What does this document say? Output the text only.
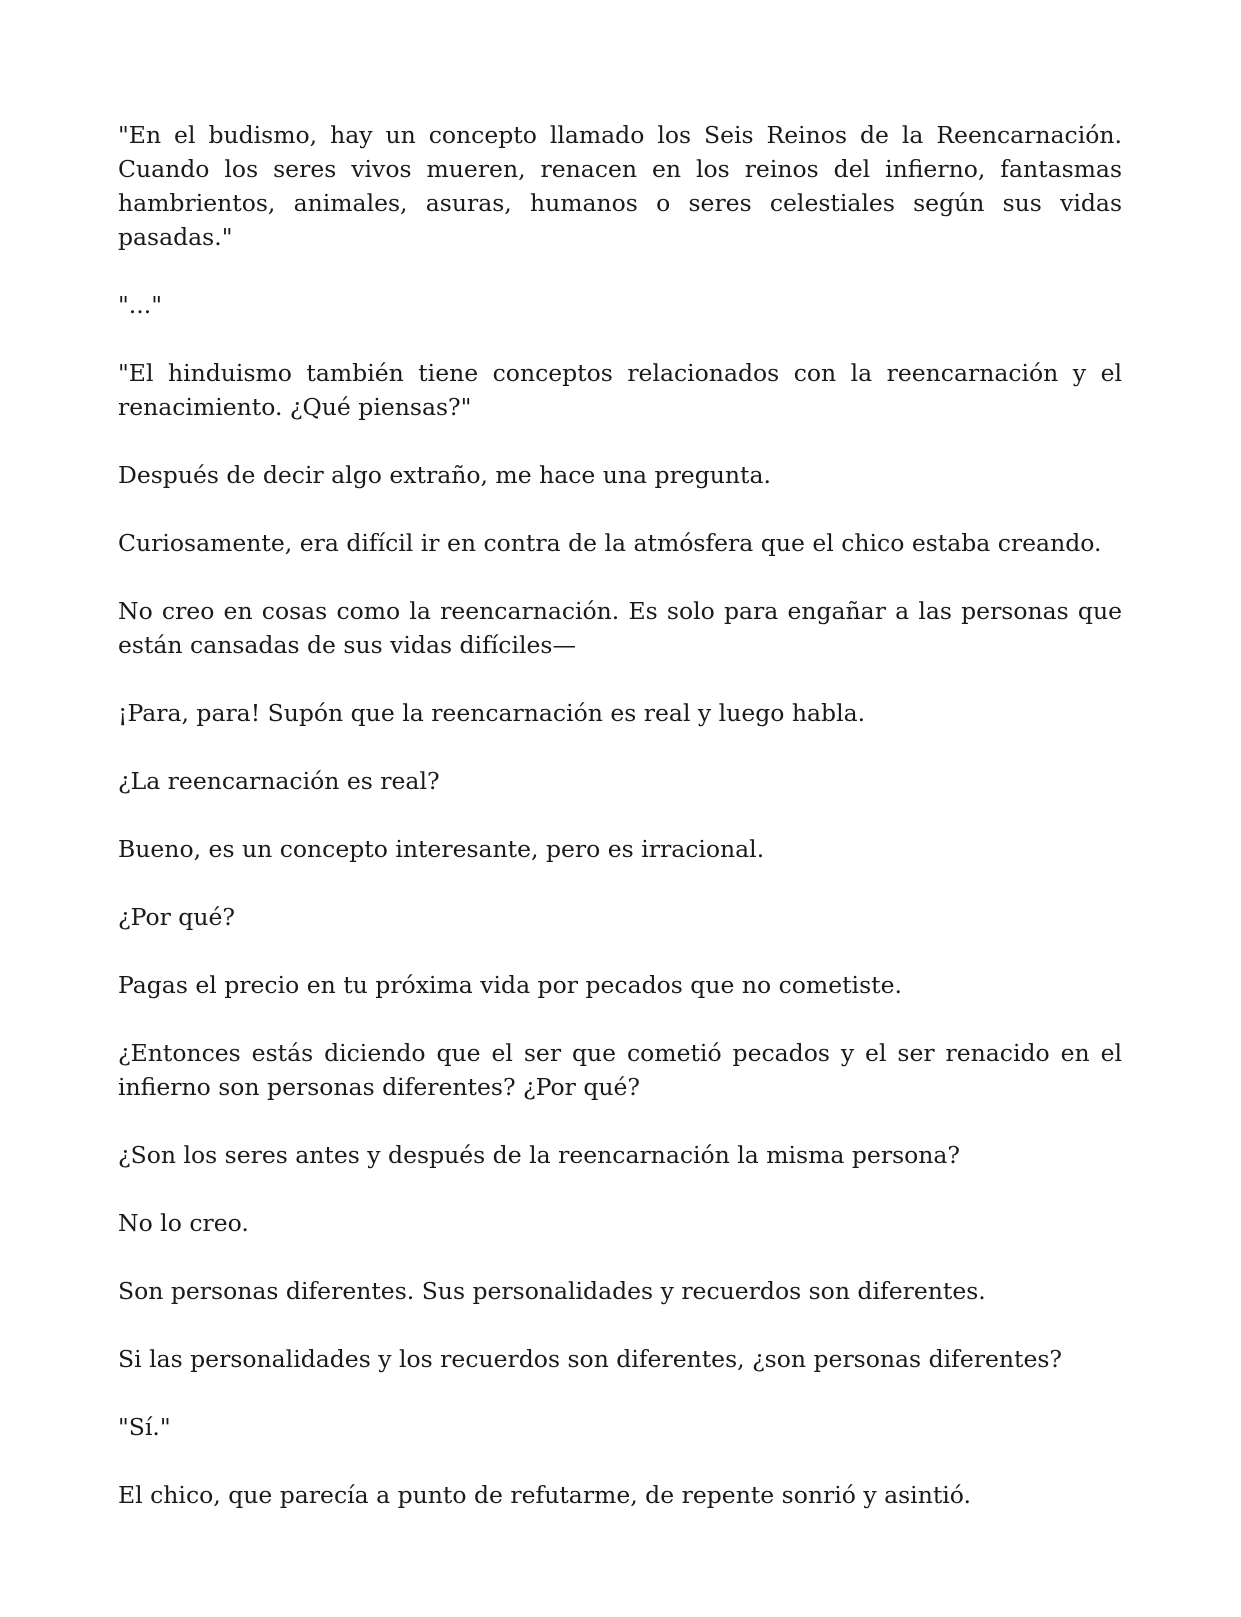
"En el budismo, hay un concepto llamado los Seis Reinos de la Reencarnación. Cuando los seres vivos mueren, renacen en los reinos del infierno, fantasmas hambrientos, animales, asuras, humanos o seres celestiales según sus vidas pasadas."

"..."

"El hinduismo también tiene conceptos relacionados con la reencarnación y el renacimiento. ¿Qué piensas?"

Después de decir algo extraño, me hace una pregunta.

Curiosamente, era difícil ir en contra de la atmósfera que el chico estaba creando.

No creo en cosas como la reencarnación. Es solo para engañar a las personas que están cansadas de sus vidas difíciles—

¡Para, para! Supón que la reencarnación es real y luego habla.

¿La reencarnación es real?

Bueno, es un concepto interesante, pero es irracional.

¿Por qué?

Pagas el precio en tu próxima vida por pecados que no cometiste.

¿Entonces estás diciendo que el ser que cometió pecados y el ser renacido en el infierno son personas diferentes? ¿Por qué?

¿Son los seres antes y después de la reencarnación la misma persona?

No lo creo.

Son personas diferentes. Sus personalidades y recuerdos son diferentes.

Si las personalidades y los recuerdos son diferentes, ¿son personas diferentes?

"Sí."

El chico, que parecía a punto de refutarme, de repente sonrió y asintió.
